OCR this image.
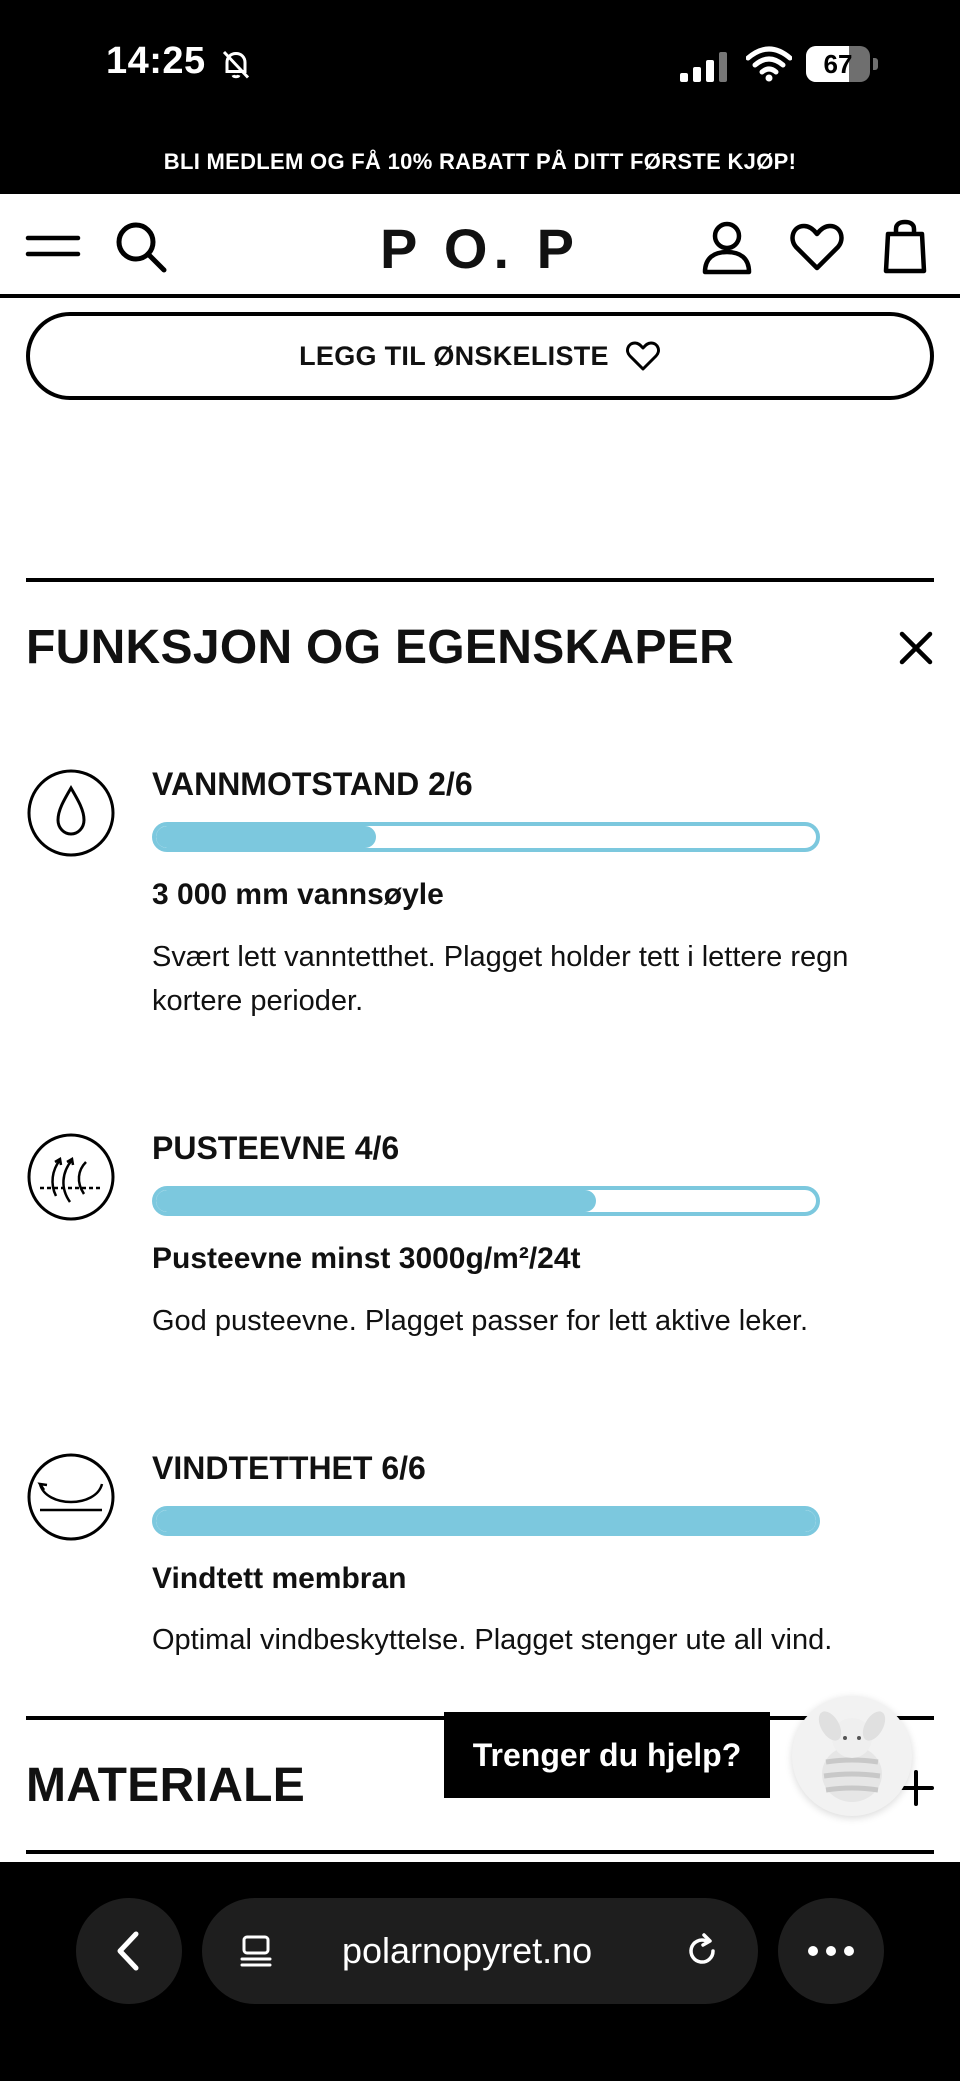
14:25	67
BLI MEDLEM OG FÅ 10% RABATT PÅ DITT FØRSTE KJØP!
P O. P
LEGG TIL ØNSKELISTE
FUNKSJON OG EGENSKAPER
VANNMOTSTAND 2/6
3 000 mm vannsøyle
Svært lett vanntetthet. Plagget holder tett i lettere regn kortere perioder.
PUSTEEVNE 4/6
Pusteevne minst 3000g/m²/24t
God pusteevne. Plagget passer for lett aktive leker.
VINDTETTHET 6/6
Vindtett membran
Optimal vindbeskyttelse. Plagget stenger ute all vind.
MATERIALE
Trenger du hjelp?
polarnopyret.no
